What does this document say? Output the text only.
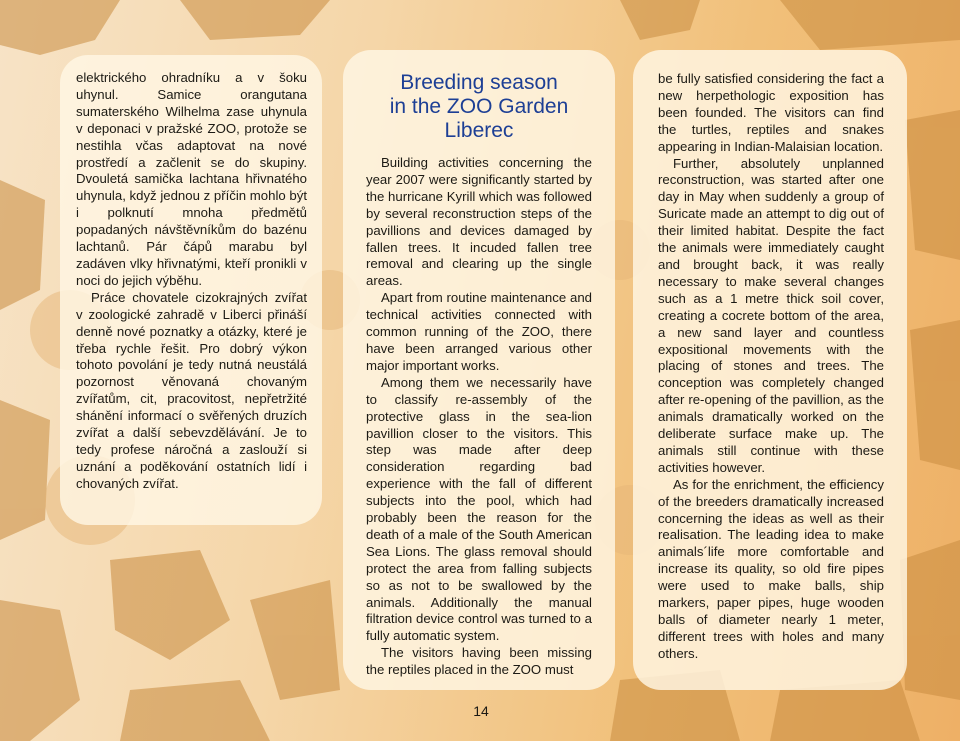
elektrického ohradníku a v šoku uhynul. Samice orangutana sumaterského Wilhelma zase uhynula v deponaci v pražské ZOO, protože se nestihla včas adaptovat na nové prostředí a začlenit se do skupiny. Dvouletá samička lachtana hřivnatého uhynula, když jednou z příčin mohlo být i polknutí mnoha předmětů popadaných návštěvníkům do bazénu lachtanů. Pár čápů marabu byl zadáven vlky hřivnatými, kteří pronikli v noci do jejich výběhu.

Práce chovatele cizokrajných zvířat v zoologické zahradě v Liberci přináší denně nové poznatky a otázky, které je třeba rychle řešit. Pro dobrý výkon tohoto povolání je tedy nutná neustálá pozornost věnovaná chovaným zvířatům, cit, pracovitost, nepřetržité shánění informací o svěřených druzích zvířat a další sebevzdělávání. Je to tedy profese náročná a zaslouží si uznání a poděkování ostatních lidí i chovaných zvířat.

Breeding season
in the ZOO Garden
Liberec

Building activities concerning the year 2007 were significantly started by the hurricane Kyrill which was followed by several reconstruction steps of the pavillions and devices damaged by fallen trees. It incuded fallen tree removal and clearing up the single areas.

Apart from routine maintenance and technical activities connected with common running of the ZOO, there have been arranged various other major important works.

Among them we necessarily have to classify re-assembly of the protective glass in the sea-lion pavillion closer to the visitors. This step was made after deep consideration regarding bad experience with the fall of different subjects into the pool, which had probably been the reason for the death of a male of the South American Sea Lions. The glass removal should protect the area from falling subjects so as not to be swallowed by the animals. Additionally the manual filtration device control was turned to a fully automatic system.

The visitors having been missing the reptiles placed in the ZOO must

be fully satisfied considering the fact a new herpethologic exposition has been founded. The visitors can find the turtles, reptiles and snakes appearing in Indian-Malaisian location.

Further, absolutely unplanned reconstruction, was started after one day in May when suddenly a group of Suricate made an attempt to dig out of their limited habitat. Despite the fact the animals were immediately caught and brought back, it was really necessary to make several changes such as a 1 metre thick soil cover, creating a cocrete bottom of the area, a new sand layer and countless expositional movements with the placing of stones and trees. The conception was completely changed after re-opening of the pavillion, as the animals dramatically worked on the deliberate surface make up. The animals still continue with these activities however.

As for the enrichment, the efficiency of the breeders dramatically increased concerning the ideas as well as their realisation. The leading idea to make animals´life more comfortable and increase its quality, so old fire pipes were used to make balls, ship markers, paper pipes, huge wooden balls of diameter nearly 1 meter, different trees with holes and many others.

14
